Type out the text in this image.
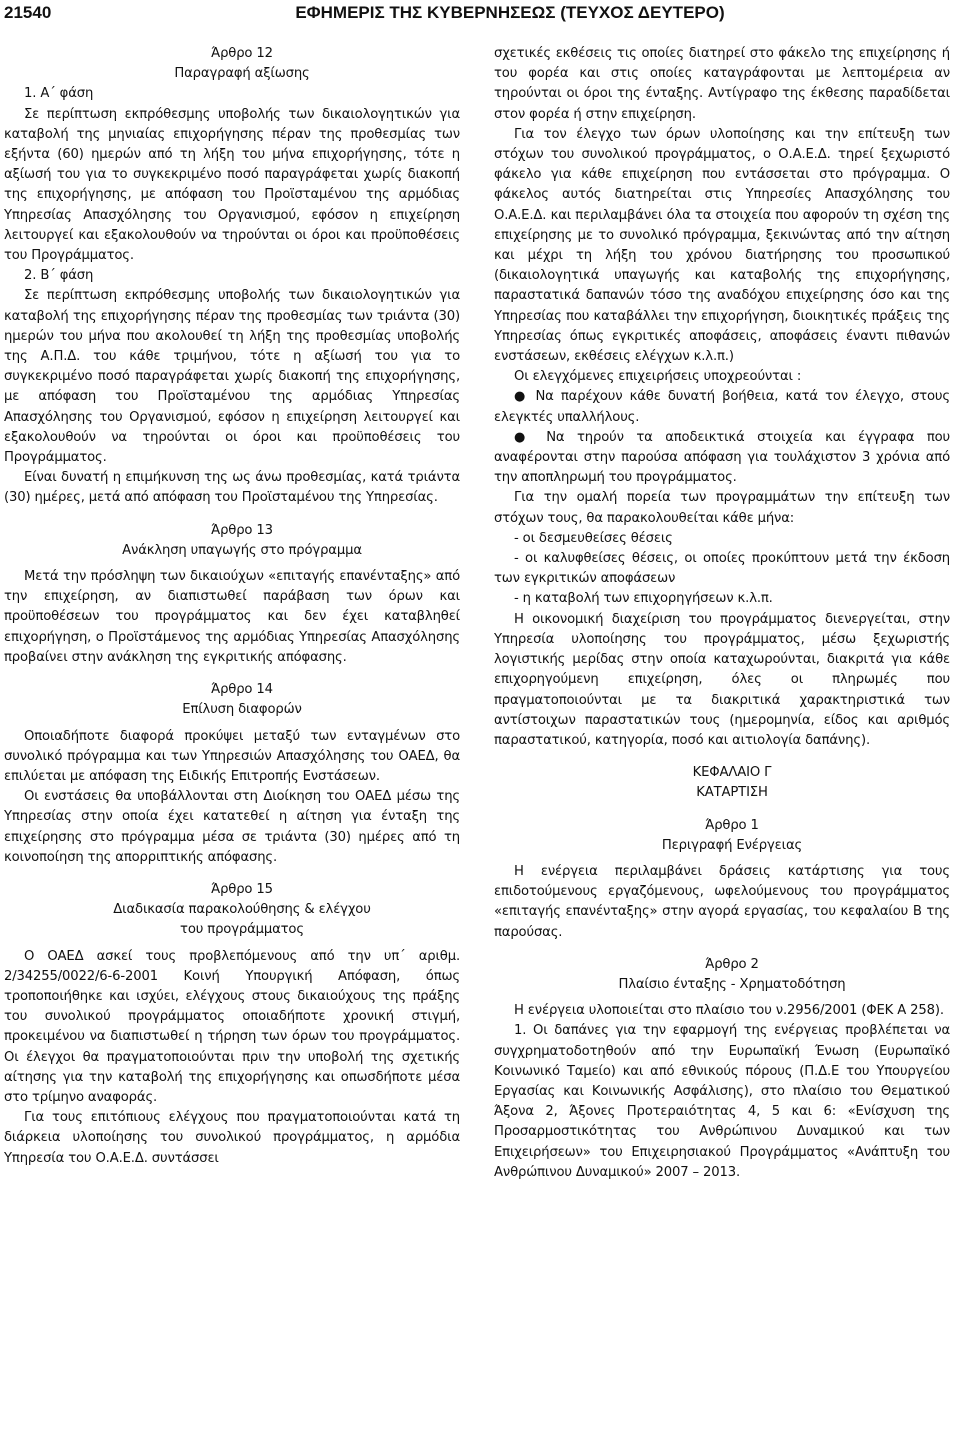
21540	ΕΦΗΜΕΡΙΣ ΤΗΣ ΚΥΒΕΡΝΗΣΕΩΣ (ΤΕΥΧΟΣ ΔΕΥΤΕΡΟ)

Άρθρο 12

Παραγραφή αξίωσης

1. Α΄ φάση

Σε περίπτωση εκπρόθεσμης υποβολής των δικαιολογητικών για καταβολή της μηνιαίας επιχορήγησης πέραν της προθεσμίας των εξήντα (60) ημερών από τη λήξη του μήνα επιχορήγησης, τότε η αξίωσή του για το συγκεκριμένο ποσό παραγράφεται χωρίς διακοπή της επιχορήγησης, με απόφαση του Προϊσταμένου της αρμόδιας Υπηρεσίας Απασχόλησης του Οργανισμού, εφόσον η επιχείρηση λειτουργεί και εξακολουθούν να τηρούνται οι όροι και προϋποθέσεις του Προγράμματος.

2. Β΄ φάση

Σε περίπτωση εκπρόθεσμης υποβολής των δικαιολογητικών για καταβολή της επιχορήγησης πέραν της προθεσμίας των τριάντα (30) ημερών του μήνα που ακολουθεί τη λήξη της προθεσμίας υποβολής της Α.Π.Δ. του κάθε τριμήνου, τότε η αξίωσή του για το συγκεκριμένο ποσό παραγράφεται χωρίς διακοπή της επιχορήγησης, με απόφαση του Προϊσταμένου της αρμόδιας Υπηρεσίας Απασχόλησης του Οργανισμού, εφόσον η επιχείρηση λειτουργεί και εξακολουθούν να τηρούνται οι όροι και προϋποθέσεις του Προγράμματος.

Είναι δυνατή η επιμήκυνση της ως άνω προθεσμίας, κατά τριάντα (30) ημέρες, μετά από απόφαση του Προϊσταμένου της Υπηρεσίας.

Άρθρο 13

Ανάκληση υπαγωγής στο πρόγραμμα

Μετά την πρόσληψη των δικαιούχων «επιταγής επανένταξης» από την επιχείρηση, αν διαπιστωθεί παράβαση των όρων και προϋποθέσεων του προγράμματος και δεν έχει καταβληθεί επιχορήγηση, ο Προϊστάμενος της αρμόδιας Υπηρεσίας Απασχόλησης προβαίνει στην ανάκληση της εγκριτικής απόφασης.

Άρθρο 14

Επίλυση διαφορών

Οποιαδήποτε διαφορά προκύψει μεταξύ των ενταγμένων στο συνολικό πρόγραμμα και των Υπηρεσιών Απασχόλησης του ΟΑΕΔ, θα επιλύεται με απόφαση της Ειδικής Επιτροπής Ενστάσεων.

Οι ενστάσεις θα υποβάλλονται στη Διοίκηση του ΟΑΕΔ μέσω της Υπηρεσίας στην οποία έχει κατατεθεί η αίτηση για ένταξη της επιχείρησης στο πρόγραμμα μέσα σε τριάντα (30) ημέρες από τη κοινοποίηση της απορριπτικής απόφασης.

Άρθρο 15

Διαδικασία παρακολούθησης & ελέγχου

του προγράμματος

Ο ΟΑΕΔ ασκεί τους προβλεπόμενους από την υπ΄ αριθμ. 2/34255/0022/6-6-2001 Κοινή Υπουργική Απόφαση, όπως τροποποιήθηκε και ισχύει, ελέγχους στους δικαιούχους της πράξης του συνολικού προγράμματος οποιαδήποτε χρονική στιγμή, προκειμένου να διαπιστωθεί η τήρηση των όρων του προγράμματος. Οι έλεγχοι θα πραγματοποιούνται πριν την υποβολή της σχετικής αίτησης για την καταβολή της επιχορήγησης και οπωσδήποτε μέσα στο τρίμηνο αναφοράς.

Για τους επιτόπιους ελέγχους που πραγματοποιούνται κατά τη διάρκεια υλοποίησης του συνολικού προγράμματος, η αρμόδια Υπηρεσία του Ο.Α.Ε.Δ. συντάσσει

σχετικές εκθέσεις τις οποίες διατηρεί στο φάκελο της επιχείρησης ή του φορέα και στις οποίες καταγράφονται με λεπτομέρεια αν τηρούνται οι όροι της ένταξης. Αντίγραφο της έκθεσης παραδίδεται στον φορέα ή στην επιχείρηση.

Για τον έλεγχο των όρων υλοποίησης και την επίτευξη των στόχων του συνολικού προγράμματος, ο Ο.Α.Ε.Δ. τηρεί ξεχωριστό φάκελο για κάθε επιχείρηση που εντάσσεται στο πρόγραμμα. Ο φάκελος αυτός διατηρείται στις Υπηρεσίες Απασχόλησης του Ο.Α.Ε.Δ. και περιλαμβάνει όλα τα στοιχεία που αφορούν τη σχέση της επιχείρησης με το συνολικό πρόγραμμα, ξεκινώντας από την αίτηση και μέχρι τη λήξη του χρόνου διατήρησης του προσωπικού (δικαιολογητικά υπαγωγής και καταβολής της επιχορήγησης, παραστατικά δαπανών τόσο της αναδόχου επιχείρησης όσο και της Υπηρεσίας που καταβάλλει την επιχορήγηση, διοικητικές πράξεις της Υπηρεσίας όπως εγκριτικές αποφάσεις, αποφάσεις έναντι πιθανών ενστάσεων, εκθέσεις ελέγχων κ.λ.π.)

Οι ελεγχόμενες επιχειρήσεις υποχρεούνται :

● Να παρέχουν κάθε δυνατή βοήθεια, κατά τον έλεγχο, στους ελεγκτές υπαλλήλους.

● Να τηρούν τα αποδεικτικά στοιχεία και έγγραφα που αναφέρονται στην παρούσα απόφαση για τουλάχιστον 3 χρόνια από την αποπληρωμή του προγράμματος.

Για την ομαλή πορεία των προγραμμάτων την επίτευξη των στόχων τους, θα παρακολουθείται κάθε μήνα:

- οι δεσμευθείσες θέσεις

- οι καλυφθείσες θέσεις, οι οποίες προκύπτουν μετά την έκδοση των εγκριτικών αποφάσεων

- η καταβολή των επιχορηγήσεων κ.λ.π.

Η οικονομική διαχείριση του προγράμματος διενεργείται, στην Υπηρεσία υλοποίησης του προγράμματος, μέσω ξεχωριστής λογιστικής μερίδας στην οποία καταχωρούνται, διακριτά για κάθε επιχορηγούμενη επιχείρηση, όλες οι πληρωμές που πραγματοποιούνται με τα διακριτικά χαρακτηριστικά των αντίστοιχων παραστατικών τους (ημερομηνία, είδος και αριθμός παραστατικού, κατηγορία, ποσό και αιτιολογία δαπάνης).

ΚΕΦΑΛΑΙΟ Γ

ΚΑΤΑΡΤΙΣΗ

Άρθρο 1

Περιγραφή Ενέργειας

Η ενέργεια περιλαμβάνει δράσεις κατάρτισης για τους επιδοτούμενους εργαζόμενους, ωφελούμενους του προγράμματος «επιταγής επανένταξης» στην αγορά εργασίας, του κεφαλαίου Β της παρούσας.

Άρθρο 2

Πλαίσιο ένταξης - Χρηματοδότηση

Η ενέργεια υλοποιείται στο πλαίσιο του ν.2956/2001 (ΦΕΚ Α 258).

1. Οι δαπάνες για την εφαρμογή της ενέργειας προβλέπεται να συγχρηματοδοτηθούν από την Ευρωπαϊκή Ένωση (Ευρωπαϊκό Κοινωνικό Ταμείο) και από εθνικούς πόρους (Π.Δ.Ε του Υπουργείου Εργασίας και Κοινωνικής Ασφάλισης), στο πλαίσιο του Θεματικού Άξονα 2, Άξονες Προτεραιότητας 4, 5 και 6: «Ενίσχυση της Προσαρμοστικότητας του Ανθρώπινου Δυναμικού και των Επιχειρήσεων» του Επιχειρησιακού Προγράμματος «Ανάπτυξη του Ανθρώπινου Δυναμικού» 2007 – 2013.
